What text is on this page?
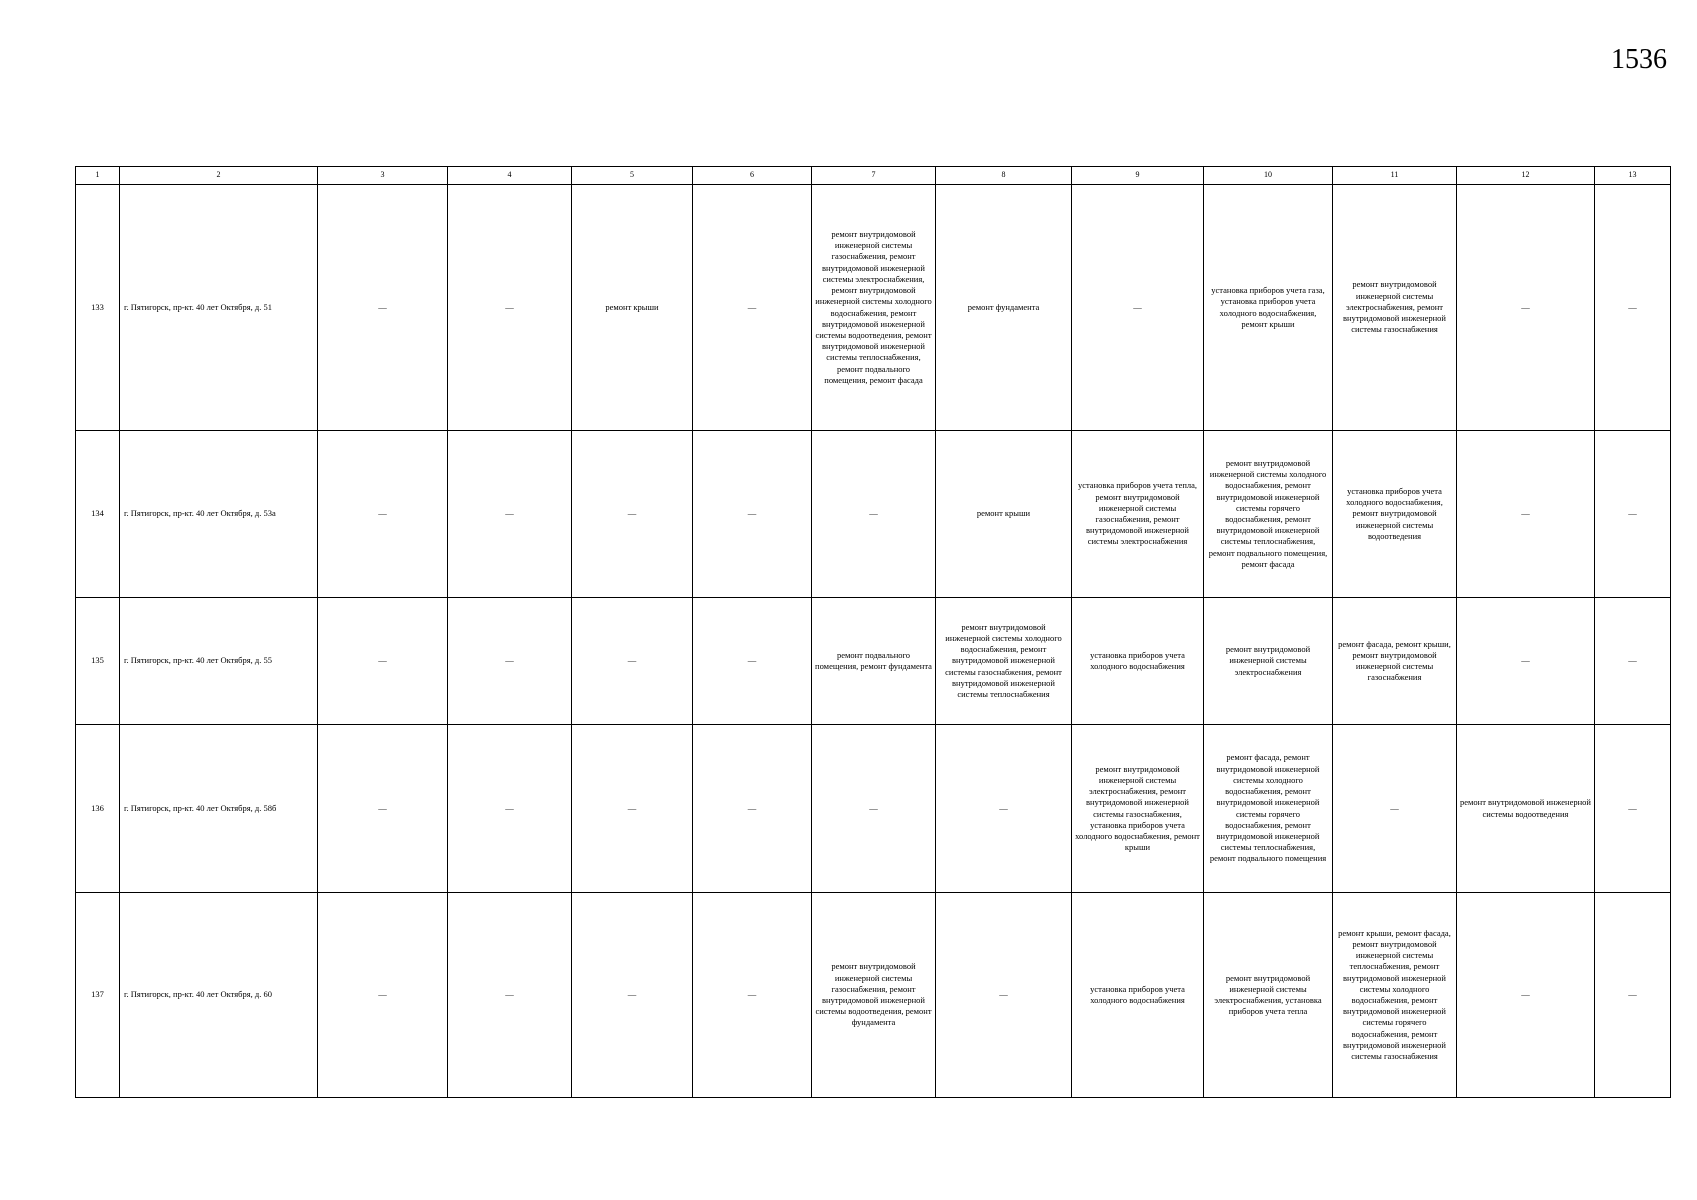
1536
1	2	3	4	5	6	7	8	9	10	11	12	13
133	г. Пятигорск, пр-кт. 40 лет Октября, д. 51	—	—	ремонт крыши	—	ремонт внутридомовой инженерной системы газоснабжения, ремонт внутридомовой инженерной системы электроснабжения, ремонт внутридомовой инженерной системы холодного водоснабжения, ремонт внутридомовой инженерной системы водоотведения, ремонт внутридомовой инженерной системы теплоснабжения, ремонт подвального помещения, ремонт фасада	ремонт фундамента	—	установка приборов учета газа, установка приборов учета холодного водоснабжения, ремонт крыши	ремонт внутридомовой инженерной системы электроснабжения, ремонт внутридомовой инженерной системы газоснабжения	—	—
134	г. Пятигорск, пр-кт. 40 лет Октября, д. 53а	—	—	—	—	—	ремонт крыши	установка приборов учета тепла, ремонт внутридомовой инженерной системы газоснабжения, ремонт внутридомовой инженерной системы электроснабжения	ремонт внутридомовой инженерной системы холодного водоснабжения, ремонт внутридомовой инженерной системы горячего водоснабжения, ремонт внутридомовой инженерной системы теплоснабжения, ремонт подвального помещения, ремонт фасада	установка приборов учета холодного водоснабжения, ремонт внутридомовой инженерной системы водоотведения	—	—
135	г. Пятигорск, пр-кт. 40 лет Октября, д. 55	—	—	—	—	ремонт подвального помещения, ремонт фундамента	ремонт внутридомовой инженерной системы холодного водоснабжения, ремонт внутридомовой инженерной системы газоснабжения, ремонт внутридомовой инженерной системы теплоснабжения	установка приборов учета холодного водоснабжения	ремонт внутридомовой инженерной системы электроснабжения	ремонт фасада, ремонт крыши, ремонт внутридомовой инженерной системы газоснабжения	—	—
136	г. Пятигорск, пр-кт. 40 лет Октября, д. 58б	—	—	—	—	—	—	ремонт внутридомовой инженерной системы электроснабжения, ремонт внутридомовой инженерной системы газоснабжения, установка приборов учета холодного водоснабжения, ремонт крыши	ремонт фасада, ремонт внутридомовой инженерной системы холодного водоснабжения, ремонт внутридомовой инженерной системы горячего водоснабжения, ремонт внутридомовой инженерной системы теплоснабжения, ремонт подвального помещения	—	ремонт внутридомовой инженерной системы водоотведения	—
137	г. Пятигорск, пр-кт. 40 лет Октября, д. 60	—	—	—	—	ремонт внутридомовой инженерной системы газоснабжения, ремонт внутридомовой инженерной системы водоотведения, ремонт фундамента	—	установка приборов учета холодного водоснабжения	ремонт внутридомовой инженерной системы электроснабжения, установка приборов учета тепла	ремонт крыши, ремонт фасада, ремонт внутридомовой инженерной системы теплоснабжения, ремонт внутридомовой инженерной системы холодного водоснабжения, ремонт внутридомовой инженерной системы горячего водоснабжения, ремонт внутридомовой инженерной системы газоснабжения	—	—
